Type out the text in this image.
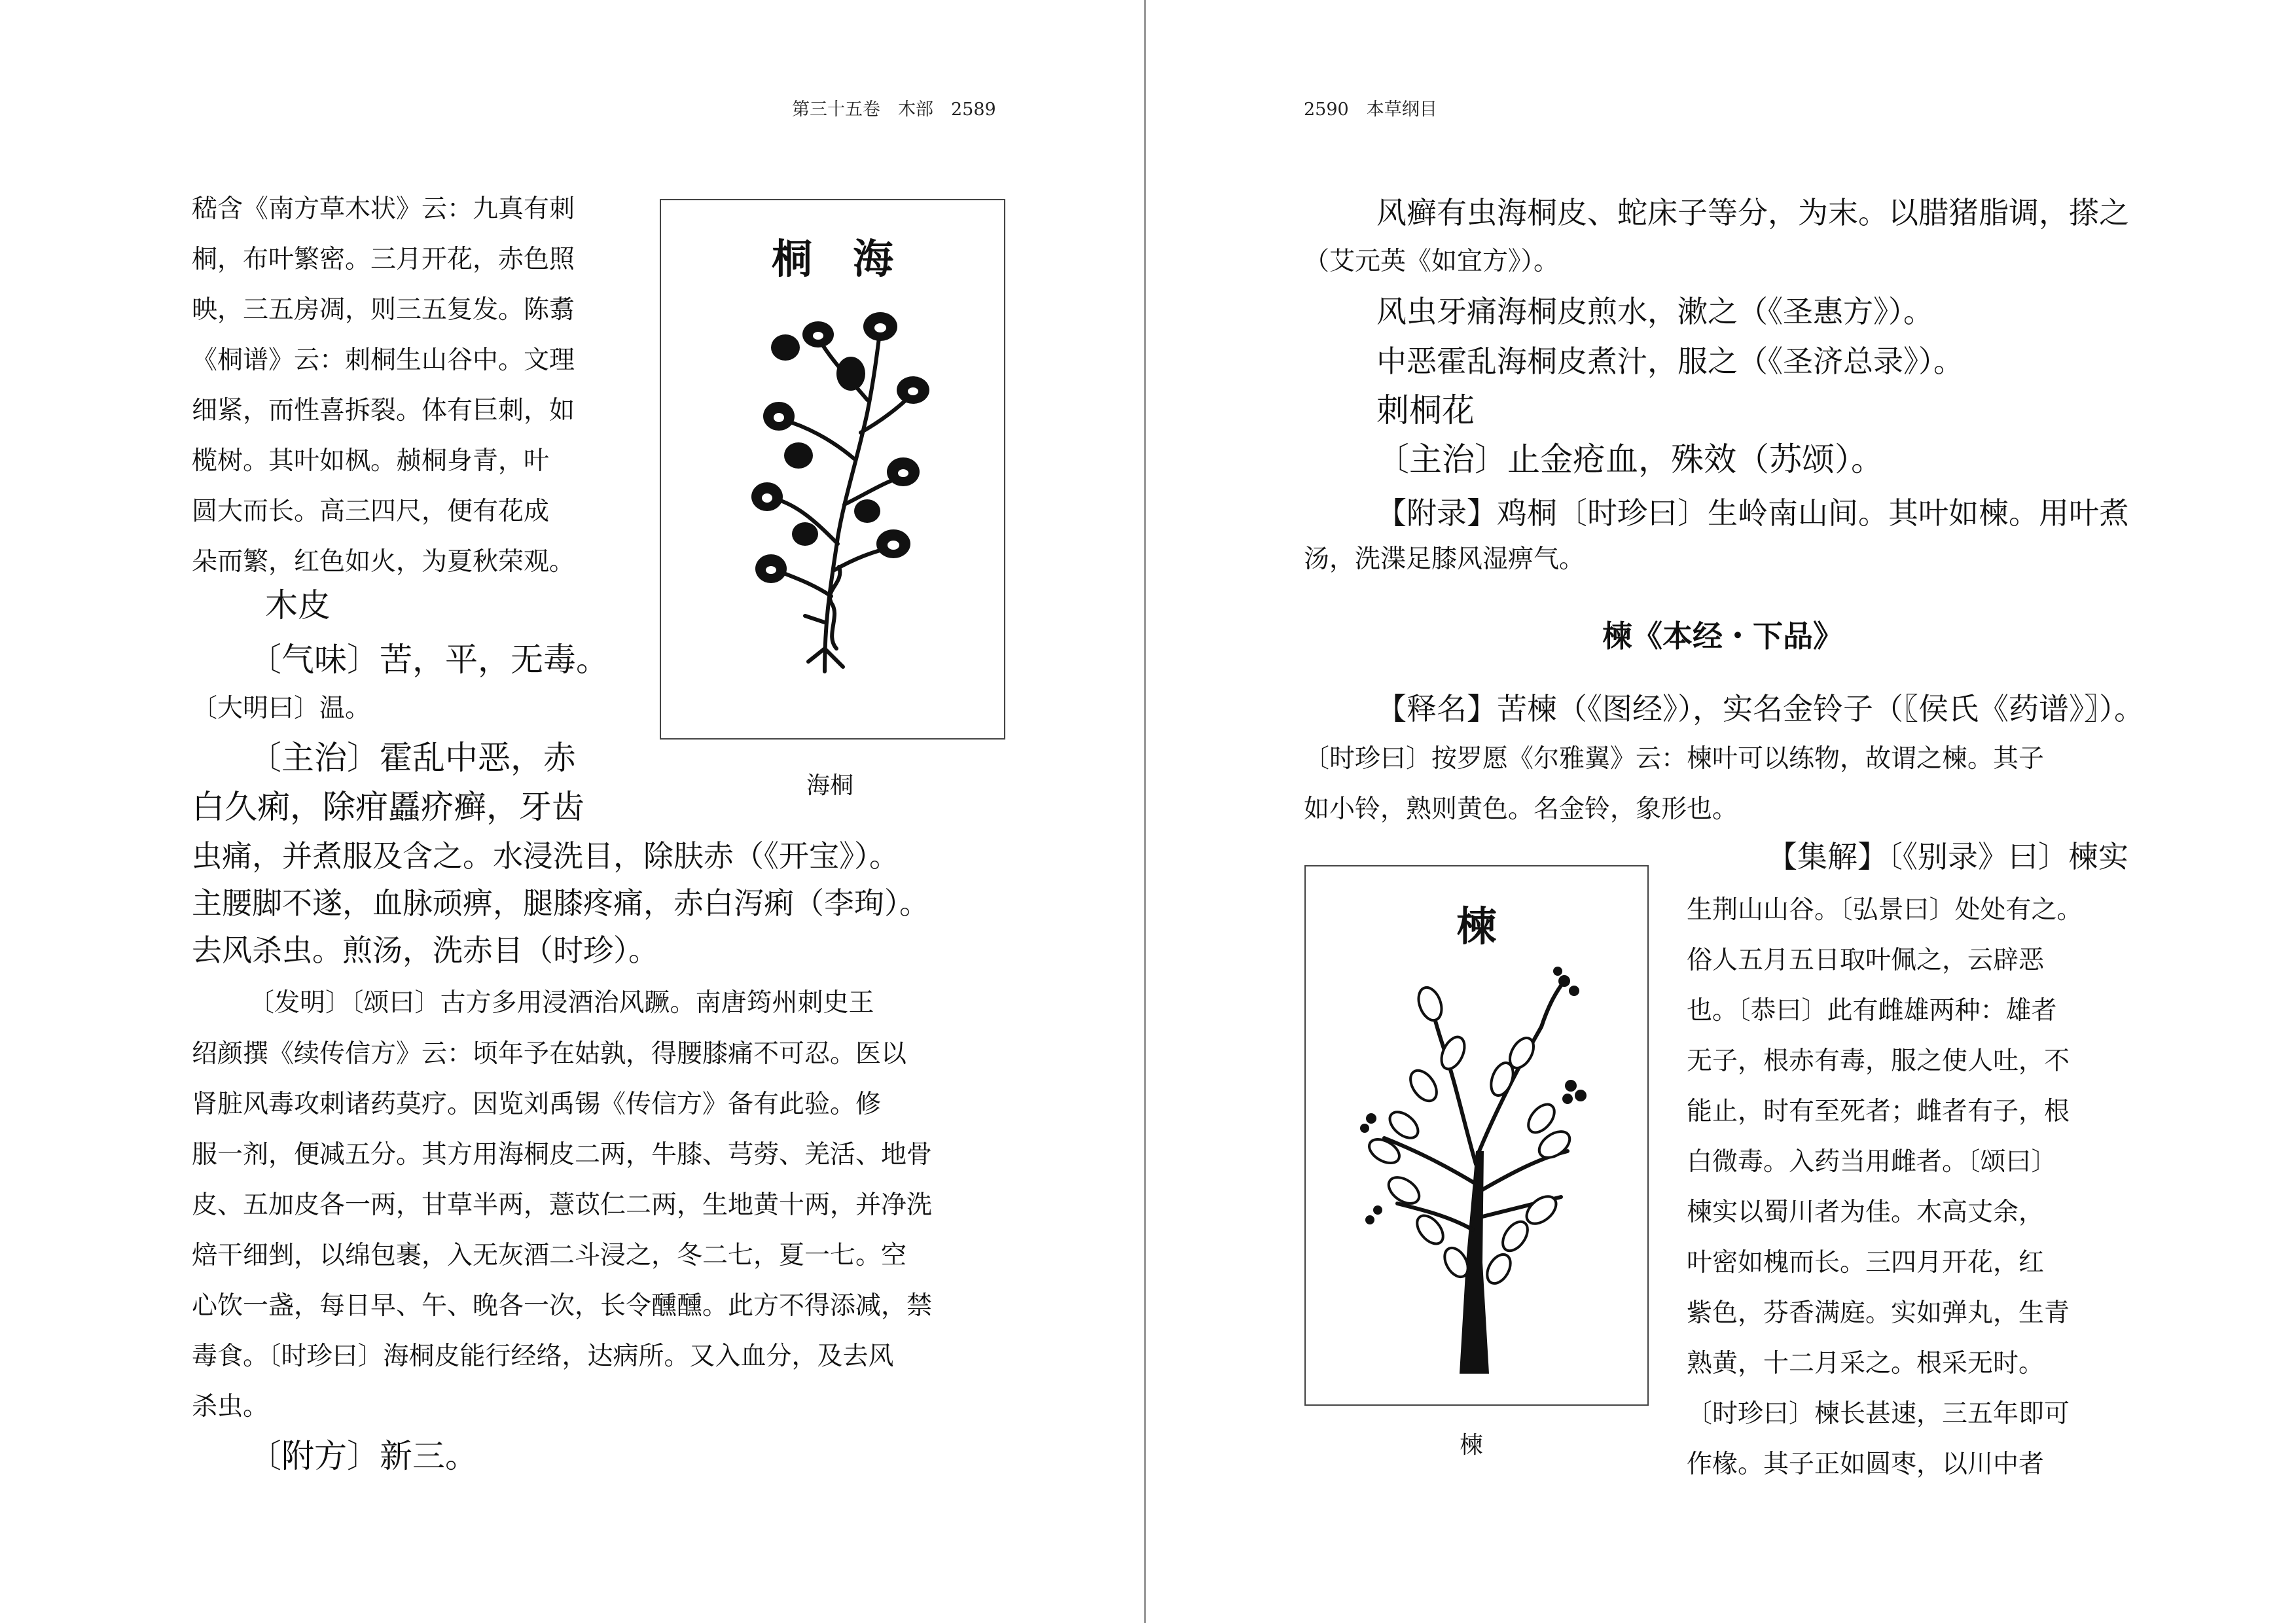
第三十五卷　木部　2589
嵇含《南方草木状》云：九真有刺
桐，布叶繁密。三月开花，赤色照
映，三五房凋，则三五复发。陈翥
《桐谱》云：刺桐生山谷中。文理
细紧，而性喜拆裂。体有巨刺，如
榄树。其叶如枫。赪桐身青，叶
圆大而长。高三四尺，便有花成
朵而繁，红色如火，为夏秋荣观。
木皮
〔气味〕苦，平，无毒。
〔大明曰〕温。
〔主治〕霍乱中恶，赤
白久痢，除疳䘌疥癣，牙齿
虫痛，并煮服及含之。水浸洗目，除肤赤（《开宝》）。
主腰脚不遂，血脉顽痹，腿膝疼痛，赤白泻痢（李珣）。
去风杀虫。煎汤，洗赤目（时珍）。
〔发明〕〔颂曰〕古方多用浸酒治风蹶。南唐筠州刺史王
绍颜撰《续传信方》云：顷年予在姑孰，得腰膝痛不可忍。医以
肾脏风毒攻刺诸药莫疗。因览刘禹锡《传信方》备有此验。修
服一剂，便减五分。其方用海桐皮二两，牛膝、芎䓖、羌活、地骨
皮、五加皮各一两，甘草半两，薏苡仁二两，生地黄十两，并净洗
焙干细剉，以绵包裹，入无灰酒二斗浸之，冬二七，夏一七。空
心饮一盏，每日早、午、晚各一次，长令醺醺。此方不得添减，禁
毒食。〔时珍曰〕海桐皮能行经络，达病所。又入血分，及去风
杀虫。
〔附方〕新三。
桐　海
海桐
2590　本草纲目
风癣有虫海桐皮、蛇床子等分，为末。以腊猪脂调，搽之
（艾元英《如宜方》）。
风虫牙痛海桐皮煎水，漱之（《圣惠方》）。
中恶霍乱海桐皮煮汁，服之（《圣济总录》）。
刺桐花
〔主治〕止金疮血，殊效（苏颂）。
【附录】鸡桐〔时珍曰〕生岭南山间。其叶如楝。用叶煮
汤，洗渫足膝风湿痹气。
楝《本经・下品》
【释名】苦楝（《图经》），实名金铃子（〖侯氏《药谱》〗）。
〔时珍曰〕按罗愿《尔雅翼》云：楝叶可以练物，故谓之楝。其子
如小铃，熟则黄色。名金铃，象形也。
【集解】〔《别录》曰〕楝实
生荆山山谷。〔弘景曰〕处处有之。
俗人五月五日取叶佩之，云辟恶
也。〔恭曰〕此有雌雄两种：雄者
无子，根赤有毒，服之使人吐，不
能止，时有至死者；雌者有子，根
白微毒。入药当用雌者。〔颂曰〕
楝实以蜀川者为佳。木高丈余，
叶密如槐而长。三四月开花，红
紫色，芬香满庭。实如弹丸，生青
熟黄，十二月采之。根采无时。
〔时珍曰〕楝长甚速，三五年即可
作椽。其子正如圆枣，以川中者
楝
楝
